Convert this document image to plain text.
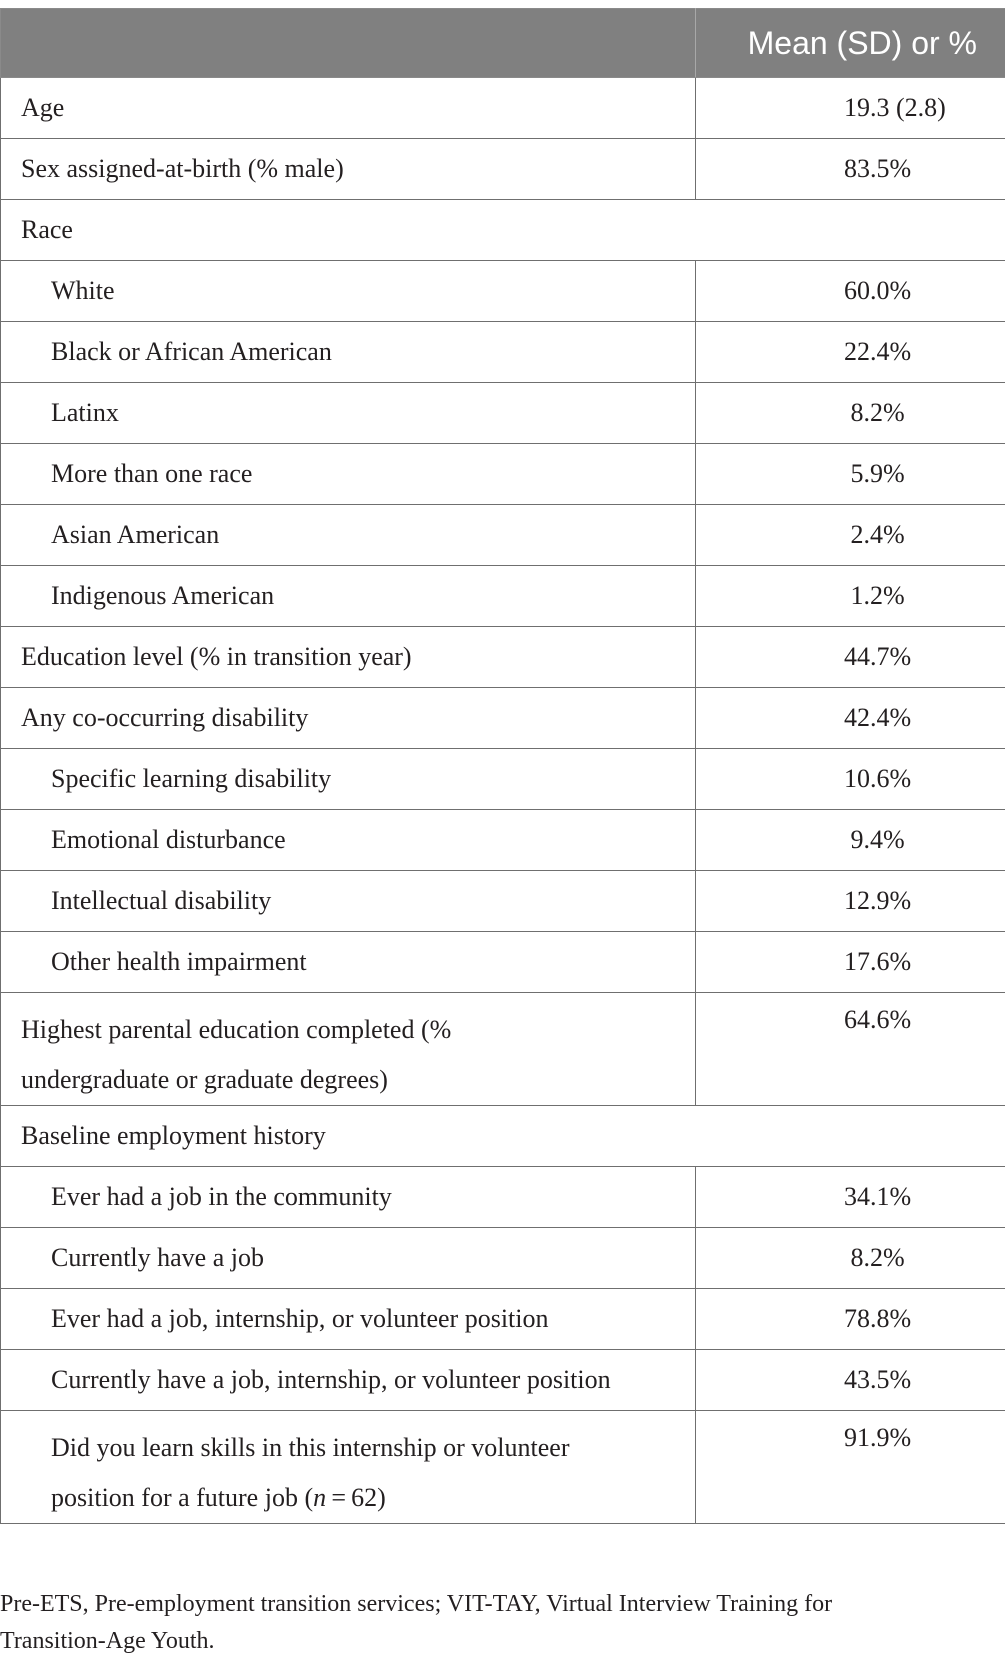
	Mean (SD) or %

Age	19.3 (2.8)

Sex assigned-at-birth (% male)	83.5%

Race	

White	60.0%

Black or African American	22.4%

Latinx	8.2%

More than one race	5.9%

Asian American	2.4%

Indigenous American	1.2%

Education level (% in transition year)	44.7%

Any co-occurring disability	42.4%

Specific learning disability	10.6%

Emotional disturbance	9.4%

Intellectual disability	12.9%

Other health impairment	17.6%

Highest parental education completed (%
undergraduate or graduate degrees)	64.6%

Baseline employment history	

Ever had a job in the community	34.1%

Currently have a job	8.2%

Ever had a job, internship, or volunteer position	78.8%

Currently have a job, internship, or volunteer position	43.5%

Did you learn skills in this internship or volunteer
position for a future job (n = 62)	91.9%
Pre-ETS, Pre-employment transition services; VIT-TAY, Virtual Interview Training for
Transition-Age Youth.
